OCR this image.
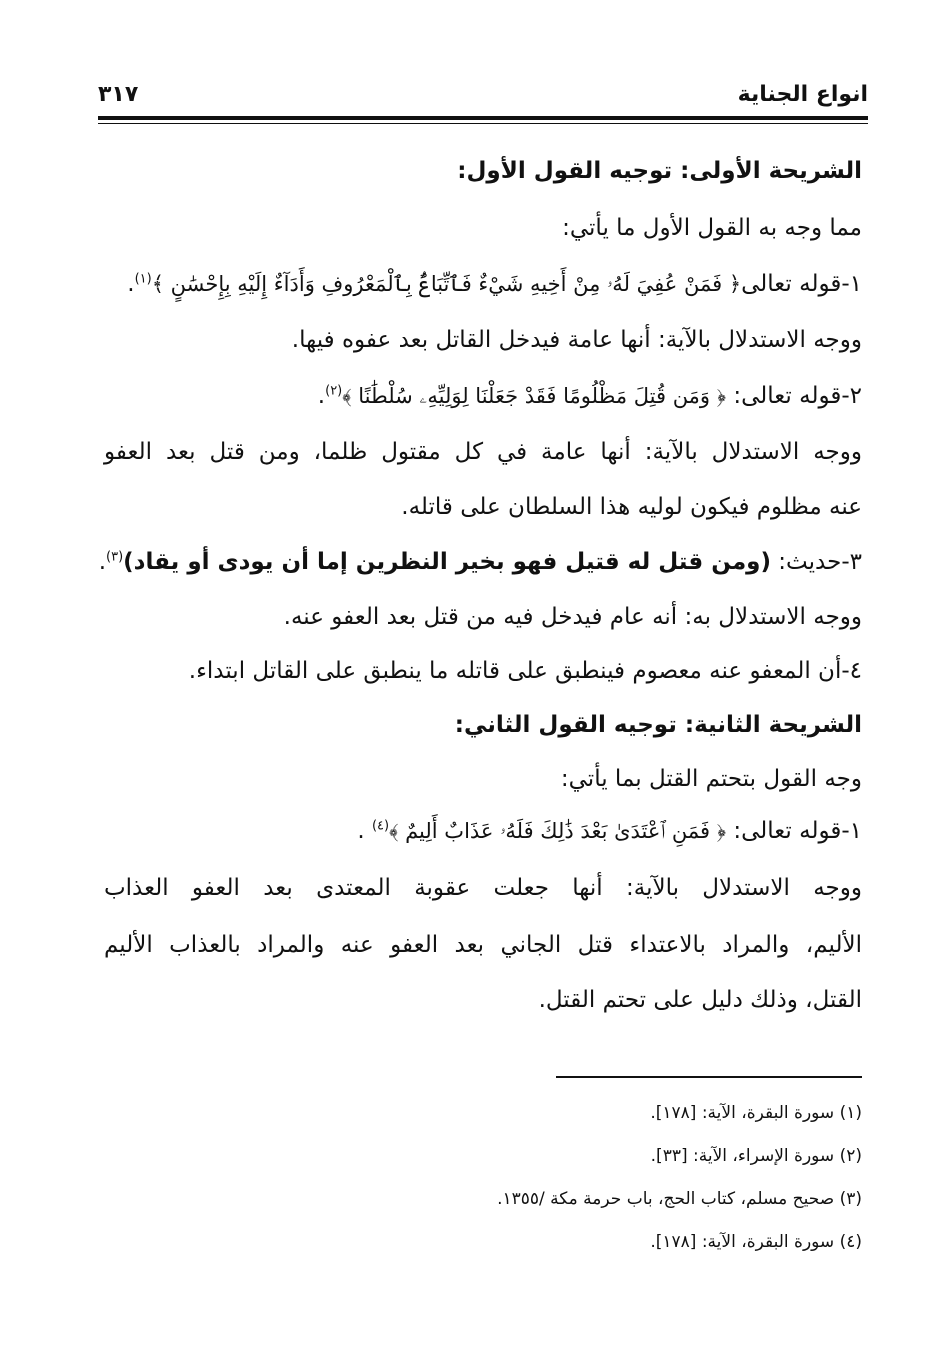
انواع الجناية
٣١٧
الشريحة الأولى: توجيه القول الأول:
مما وجه به القول الأول ما يأتي:
١-قوله تعالى﴿ فَمَنْ عُفِيَ لَهُۥ مِنْ أَخِيهِ شَيْءٌ فَٱتِّبَاعٌۢ بِٱلْمَعْرُوفِ وَأَدَآءٌ إِلَيْهِ بِإِحْسَٰنٍ ﴾$^{(١)}$.
ووجه الاستدلال بالآية: أنها عامة فيدخل القاتل بعد عفوه فيها.
٢-قوله تعالى: ﴿ وَمَن قُتِلَ مَظْلُومًا فَقَدْ جَعَلْنَا لِوَلِيِّهِۦ سُلْطَٰنًا ﴾$^{(٢)}$.
ووجه الاستدلال بالآية: أنها عامة في كل مقتول ظلما، ومن قتل بعد العفو
عنه مظلوم فيكون لوليه هذا السلطان على قاتله.
٣-حديث: (ومن قتل له قتيل فهو بخير النظرين إما أن يودى أو يقاد)$^{(٣)}$.
ووجه الاستدلال به: أنه عام فيدخل فيه من قتل بعد العفو عنه.
٤-أن المعفو عنه معصوم فينطبق على قاتله ما ينطبق على القاتل ابتداء.
الشريحة الثانية: توجيه القول الثاني:
وجه القول بتحتم القتل بما يأتي:
١-قوله تعالى: ﴿ فَمَنِ ٱعْتَدَىٰ بَعْدَ ذَٰلِكَ فَلَهُۥ عَذَابٌ أَلِيمٌ ﴾$^{(٤)}$ .
ووجه الاستدلال بالآية: أنها جعلت عقوبة المعتدى بعد العفو العذاب
الأليم، والمراد بالاعتداء قتل الجاني بعد العفو عنه والمراد بالعذاب الأليم
القتل، وذلك دليل على تحتم القتل.
(١) سورة البقرة، الآية: [١٧٨].
(٢) سورة الإسراء، الآية: [٣٣].
(٣) صحيح مسلم، كتاب الحج، باب حرمة مكة /١٣٥٥.
(٤) سورة البقرة، الآية: [١٧٨].
